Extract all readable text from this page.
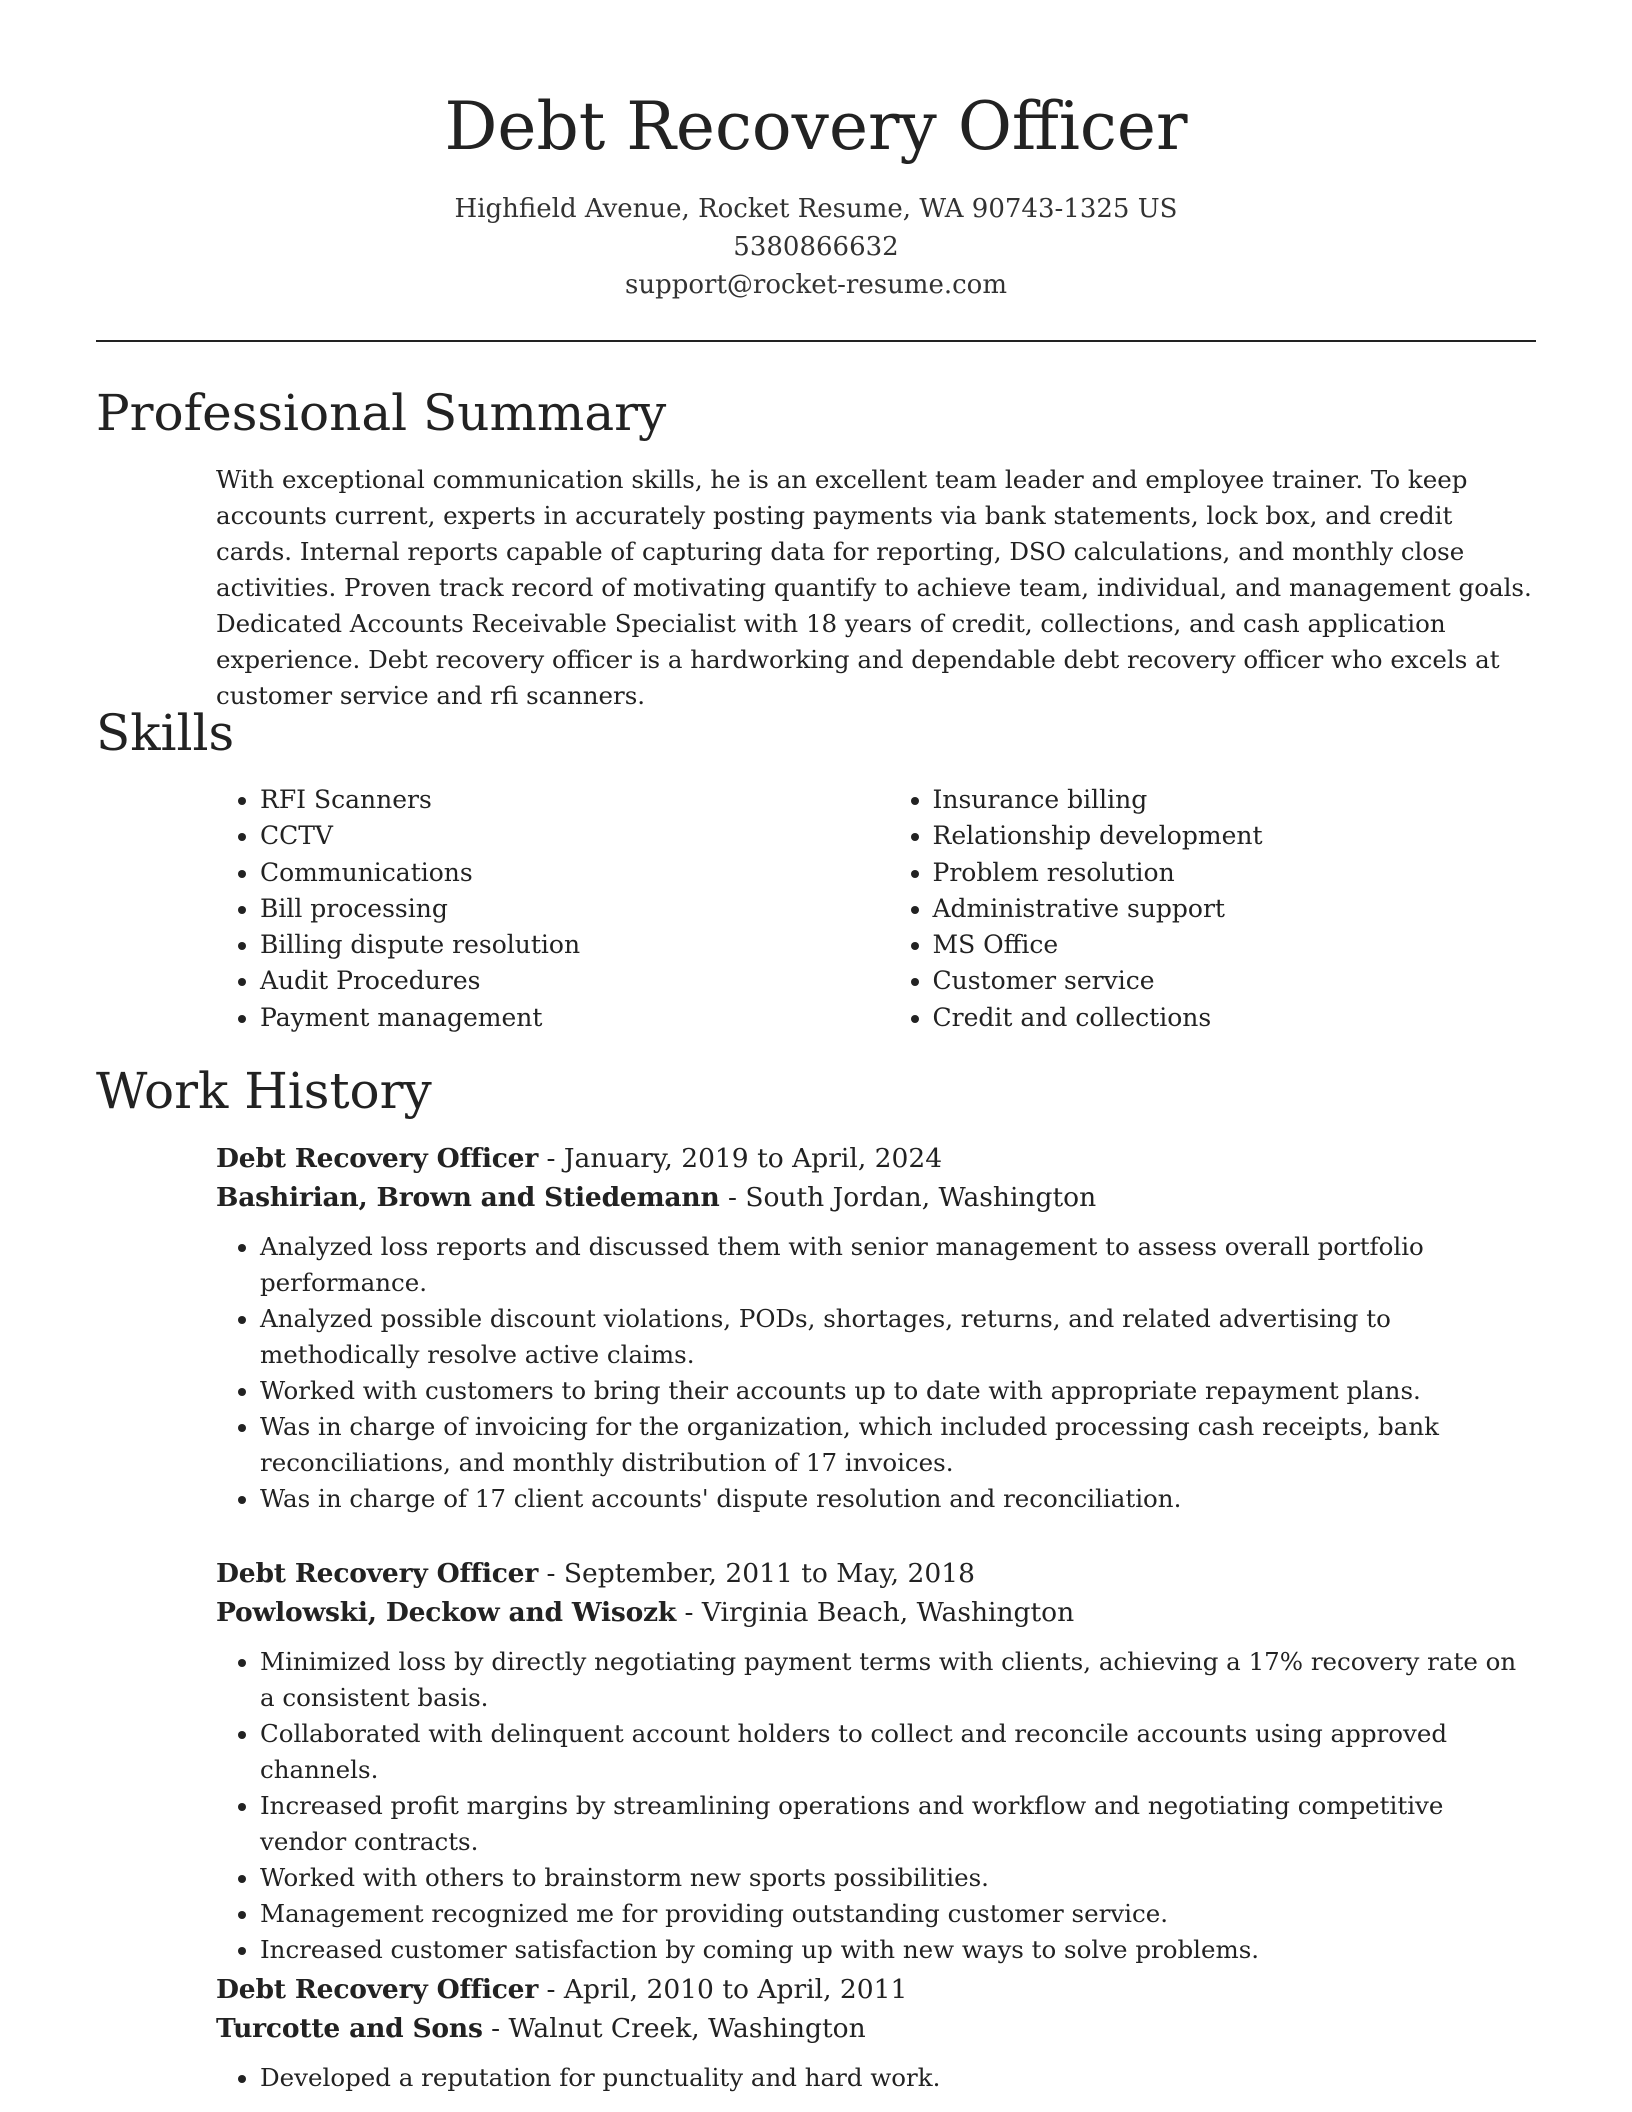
Debt Recovery Officer
Highfield Avenue, Rocket Resume, WA 90743-1325 US
5380866632
support@rocket-resume.com
Professional Summary

With exceptional communication skills, he is an excellent team leader and employee trainer. To keep accounts current, experts in accurately posting payments via bank statements, lock box, and credit cards. Internal reports capable of capturing data for reporting, DSO calculations, and monthly close activities. Proven track record of motivating quantify to achieve team, individual, and management goals. Dedicated Accounts Receivable Specialist with 18 years of credit, collections, and cash application experience. Debt recovery officer is a hardworking and dependable debt recovery officer who excels at customer service and rfi scanners.

Skills
• RFI Scanners
• CCTV
• Communications
• Bill processing
• Billing dispute resolution
• Audit Procedures
• Payment management
• Insurance billing
• Relationship development
• Problem resolution
• Administrative support
• MS Office
• Customer service
• Credit and collections
Work History

Debt Recovery Officer - January, 2019 to April, 2024

Bashirian, Brown and Stiedemann - South Jordan, Washington

• Analyzed loss reports and discussed them with senior management to assess overall portfolio performance.
• Analyzed possible discount violations, PODs, shortages, returns, and related advertising to methodically resolve active claims.
• Worked with customers to bring their accounts up to date with appropriate repayment plans.
• Was in charge of invoicing for the organization, which included processing cash receipts, bank reconciliations, and monthly distribution of 17 invoices.
• Was in charge of 17 client accounts' dispute resolution and reconciliation.

Debt Recovery Officer - September, 2011 to May, 2018

Powlowski, Deckow and Wisozk - Virginia Beach, Washington

• Minimized loss by directly negotiating payment terms with clients, achieving a 17% recovery rate on a consistent basis.
• Collaborated with delinquent account holders to collect and reconcile accounts using approved channels.
• Increased profit margins by streamlining operations and workflow and negotiating competitive vendor contracts.
• Worked with others to brainstorm new sports possibilities.
• Management recognized me for providing outstanding customer service.
• Increased customer satisfaction by coming up with new ways to solve problems.

Debt Recovery Officer - April, 2010 to April, 2011

Turcotte and Sons - Walnut Creek, Washington

• Developed a reputation for punctuality and hard work.
